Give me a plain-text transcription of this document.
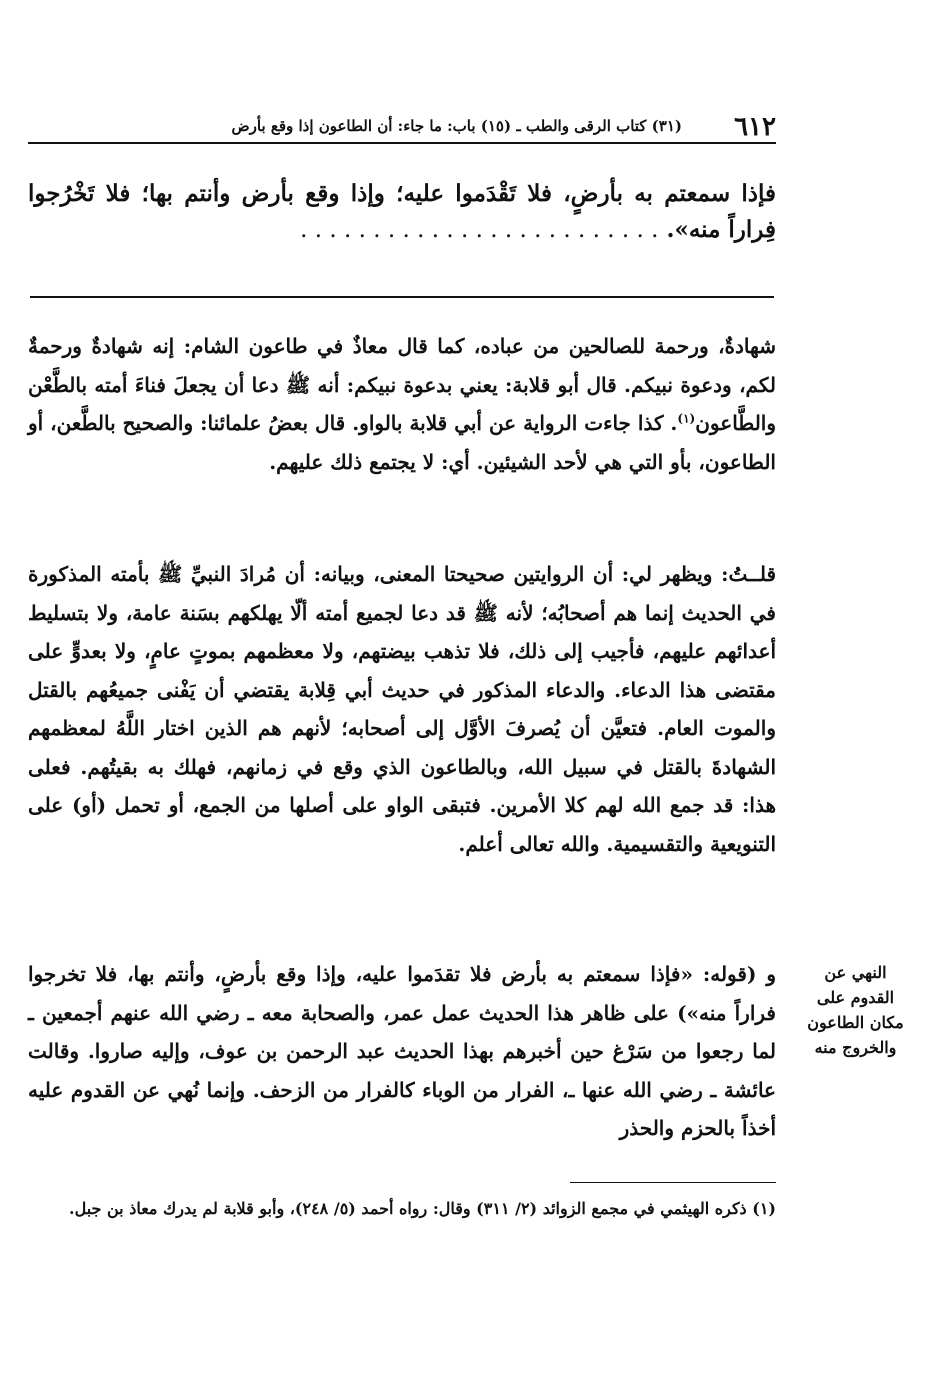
٦١٢
(٣١) كتاب الرقى والطب ـ (١٥) باب: ما جاء: أن الطاعون إذا وقع بأرض

فإذا سمعتم به بأرضٍ، فلا تَقْدَموا عليه؛ وإذا وقع بأرض وأنتم بها؛ فلا تَخْرُجوا فِراراً منه». . . . . . . . . . . . . . . . . . . . . . . . . .

شهادةٌ، ورحمة للصالحين من عباده، كما قال معاذٌ في طاعون الشام: إنه شهادةٌ ورحمةٌ لكم، ودعوة نبيكم. قال أبو قلابة: يعني بدعوة نبيكم: أنه ﷺ دعا أن يجعلَ فناءَ أمته بالطَّعْن والطَّاعون$^{(١)}$. كذا جاءت الرواية عن أبي قلابة بالواو. قال بعضُ علمائنا: والصحيح بالطَّعن، أو الطاعون، بأو التي هي لأحد الشيئين. أي: لا يجتمع ذلك عليهم.

قلــتُ: ويظهر لي: أن الروايتين صحيحتا المعنى، وبيانه: أن مُرادَ النبيِّ ﷺ بأمته المذكورة في الحديث إنما هم أصحابُه؛ لأنه ﷺ قد دعا لجميع أمته ألّا يهلكهم بسَنة عامة، ولا بتسليط أعدائهم عليهم، فأجيب إلى ذلك، فلا تذهب بيضتهم، ولا معظمهم بموتٍ عامٍ، ولا بعدوٍّ على مقتضى هذا الدعاء. والدعاء المذكور في حديث أبي قِلابة يقتضي أن يَفْنى جميعُهم بالقتل والموت العام. فتعيَّن أن يُصرفَ الأوَّل إلى أصحابه؛ لأنهم هم الذين اختار اللَّهُ لمعظمهم الشهادةَ بالقتل في سبيل الله، وبالطاعون الذي وقع في زمانهم، فهلك به بقيتُهم. فعلى هذا: قد جمع الله لهم كلا الأمرين. فتبقى الواو على أصلها من الجمع، أو تحمل (أو) على التنويعية والتقسيمية. والله تعالى أعلم.

و (قوله: «فإذا سمعتم به بأرض فلا تقدَموا عليه، وإذا وقع بأرضٍ، وأنتم بها، فلا تخرجوا فراراً منه») على ظاهر هذا الحديث عمل عمر، والصحابة معه ـ رضي الله عنهم أجمعين ـ لما رجعوا من سَرْغ حين أخبرهم بهذا الحديث عبد الرحمن بن عوف، وإليه صاروا. وقالت عائشة ـ رضي الله عنها ـ، الفرار من الوباء كالفرار من الزحف. وإنما نُهي عن القدوم عليه أخذاً بالحزم والحذر

النهي عن
القدوم على
مكان الطاعون
والخروج منه

(١) ذكره الهيثمي في مجمع الزوائد (٢/ ٣١١) وقال: رواه أحمد (٥/ ٢٤٨)، وأبو قلابة لم يدرك معاذ بن جبل.
